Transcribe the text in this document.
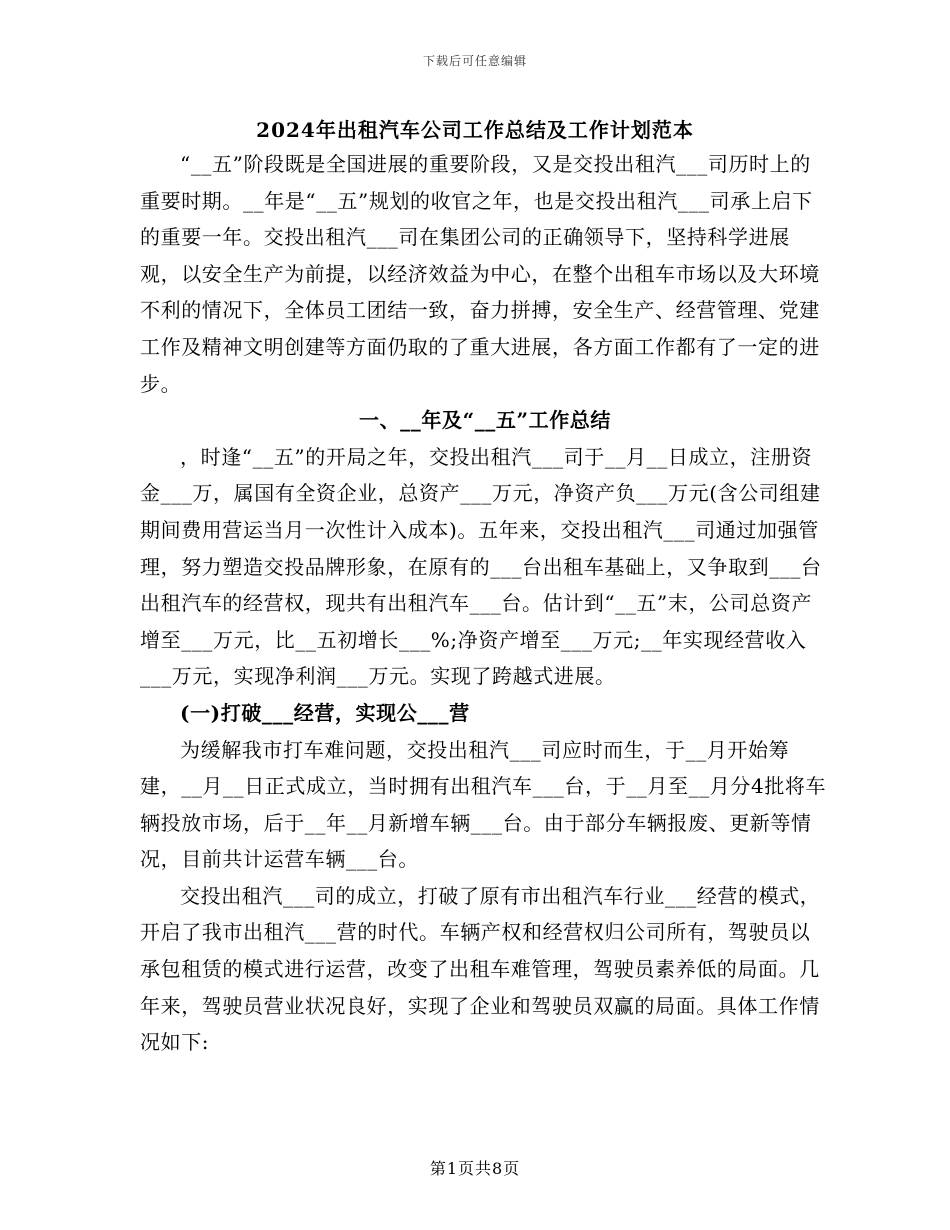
下载后可任意编辑
2024年出租汽车公司工作总结及工作计划范本

“__五”阶段既是全国进展的重要阶段，又是交投出租汽___司历时上的重要时期。__年是“__五”规划的收官之年，也是交投出租汽___司承上启下的重要一年。交投出租汽___司在集团公司的正确领导下，坚持科学进展观，以安全生产为前提，以经济效益为中心，在整个出租车市场以及大环境不利的情况下，全体员工团结一致，奋力拼搏，安全生产、经营管理、党建工作及精神文明创建等方面仍取的了重大进展，各方面工作都有了一定的进步。

一、__年及“__五”工作总结

，时逢“__五”的开局之年，交投出租汽___司于__月__日成立，注册资金___万，属国有全资企业，总资产___万元，净资产负___万元(含公司组建期间费用营运当月一次性计入成本)。五年来，交投出租汽___司通过加强管理，努力塑造交投品牌形象，在原有的___台出租车基础上，又争取到___台出租汽车的经营权，现共有出租汽车___台。估计到“__五”末，公司总资产增至___万元，比__五初增长___%;净资产增至___万元;__年实现经营收入___万元，实现净利润___万元。实现了跨越式进展。

(一)打破___经营，实现公___营

为缓解我市打车难问题，交投出租汽___司应时而生，于__月开始筹建，__月__日正式成立，当时拥有出租汽车___台，于__月至__月分4批将车辆投放市场，后于__年__月新增车辆___台。由于部分车辆报废、更新等情况，目前共计运营车辆___台。

交投出租汽___司的成立，打破了原有市出租汽车行业___经营的模式，开启了我市出租汽___营的时代。车辆产权和经营权归公司所有，驾驶员以承包租赁的模式进行运营，改变了出租车难管理，驾驶员素养低的局面。几年来，驾驶员营业状况良好，实现了企业和驾驶员双赢的局面。具体工作情况如下:

第1页共8页
